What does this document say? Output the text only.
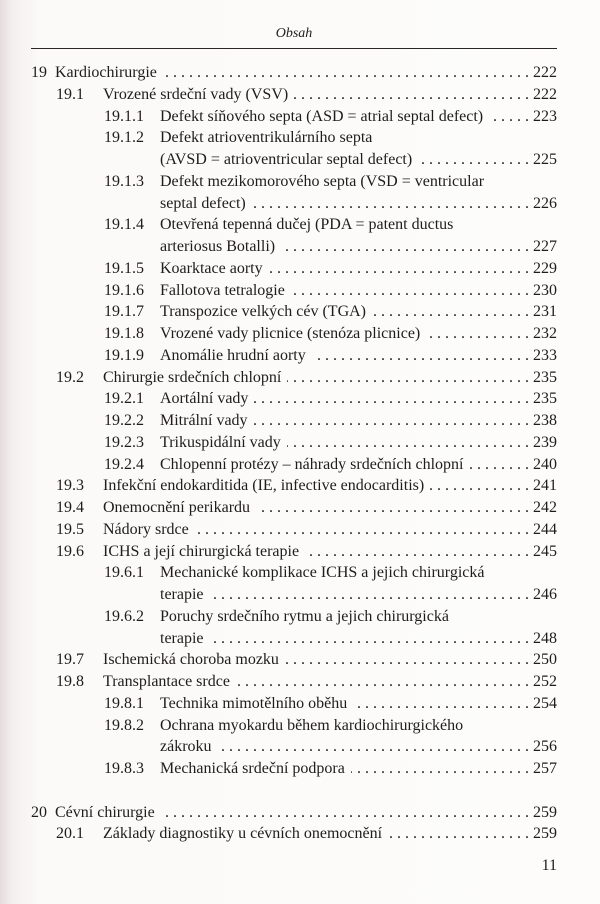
Obsah
19 Kardiochirurgie . . .	222
19.1 Vrozené srdeční vady (VSV) . . .	222
19.1.1 Defekt síňového septa (ASD = atrial septal defect) . . .	223
19.1.2 Defekt atrioventrikulárního septa
(AVSD = atrioventricular septal defect) . . .	225
19.1.3 Defekt mezikomorového septa (VSD = ventricular
septal defect) . . .	226
19.1.4 Otevřená tepenná dučej (PDA = patent ductus
arteriosus Botalli) . . .	227
19.1.5 Koarktace aorty . . .	229
19.1.6 Fallotova tetralogie . . .	230
19.1.7 Transpozice velkých cév (TGA) . . .	231
19.1.8 Vrozené vady plicnice (stenóza plicnice) . . .	232
19.1.9 Anomálie hrudní aorty . . .	233
19.2 Chirurgie srdečních chlopní . . .	235
19.2.1 Aortální vady . . .	235
19.2.2 Mitrální vady . . .	238
19.2.3 Trikuspidální vady . . .	239
19.2.4 Chlopenní protézy – náhrady srdečních chlopní . . .	240
19.3 Infekční endokarditida (IE, infective endocarditis) . . .	241
19.4 Onemocnění perikardu . . .	242
19.5 Nádory srdce . . .	244
19.6 ICHS a její chirurgická terapie . . .	245
19.6.1 Mechanické komplikace ICHS a jejich chirurgická
terapie . . .	246
19.6.2 Poruchy srdečního rytmu a jejich chirurgická
terapie . . .	248
19.7 Ischemická choroba mozku . . .	250
19.8 Transplantace srdce . . .	252
19.8.1 Technika mimotělního oběhu . . .	254
19.8.2 Ochrana myokardu během kardiochirurgického
zákroku . . .	256
19.8.3 Mechanická srdeční podpora . . .	257
20 Cévní chirurgie . . .	259
20.1 Základy diagnostiky u cévních onemocnění . . .	259
11
